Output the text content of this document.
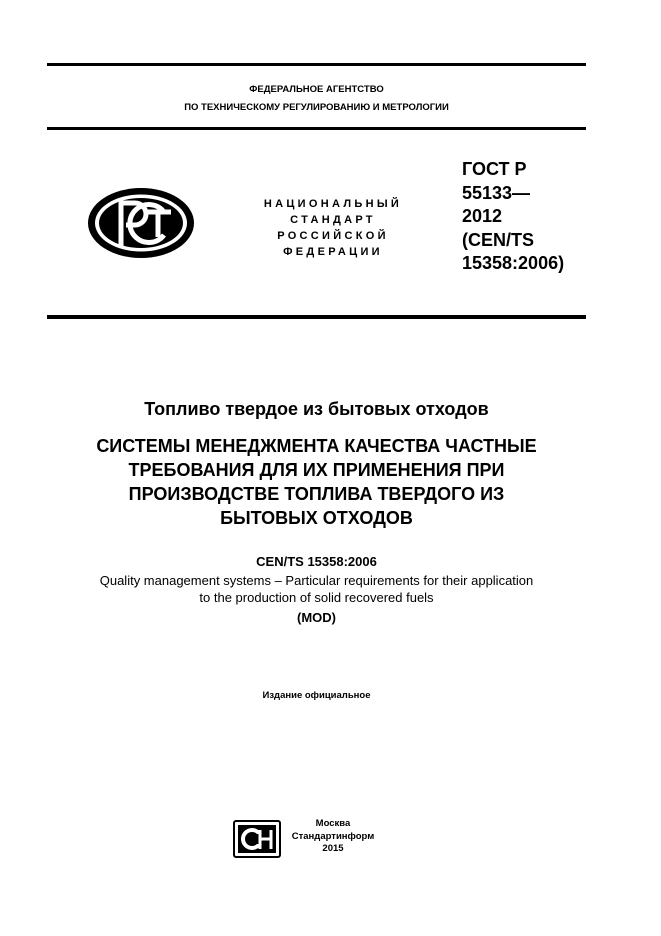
ФЕДЕРАЛЬНОЕ АГЕНТСТВО
ПО ТЕХНИЧЕСКОМУ РЕГУЛИРОВАНИЮ И МЕТРОЛОГИИ
НАЦИОНАЛЬНЫЙ
СТАНДАРТ
РОССИЙСКОЙ
ФЕДЕРАЦИИ
ГОСТ Р
55133—
2012
(CEN/TS
15358:2006)
Топливо твердое из бытовых отходов
СИСТЕМЫ МЕНЕДЖМЕНТА КАЧЕСТВА ЧАСТНЫЕ
ТРЕБОВАНИЯ ДЛЯ ИХ ПРИМЕНЕНИЯ ПРИ
ПРОИЗВОДСТВЕ ТОПЛИВА ТВЕРДОГО ИЗ
БЫТОВЫХ ОТХОДОВ
CEN/TS 15358:2006
Quality management systems – Particular requirements for their application
to the production of solid recovered fuels
(MOD)
Издание официальное
Москва
Стандартинформ
2015
